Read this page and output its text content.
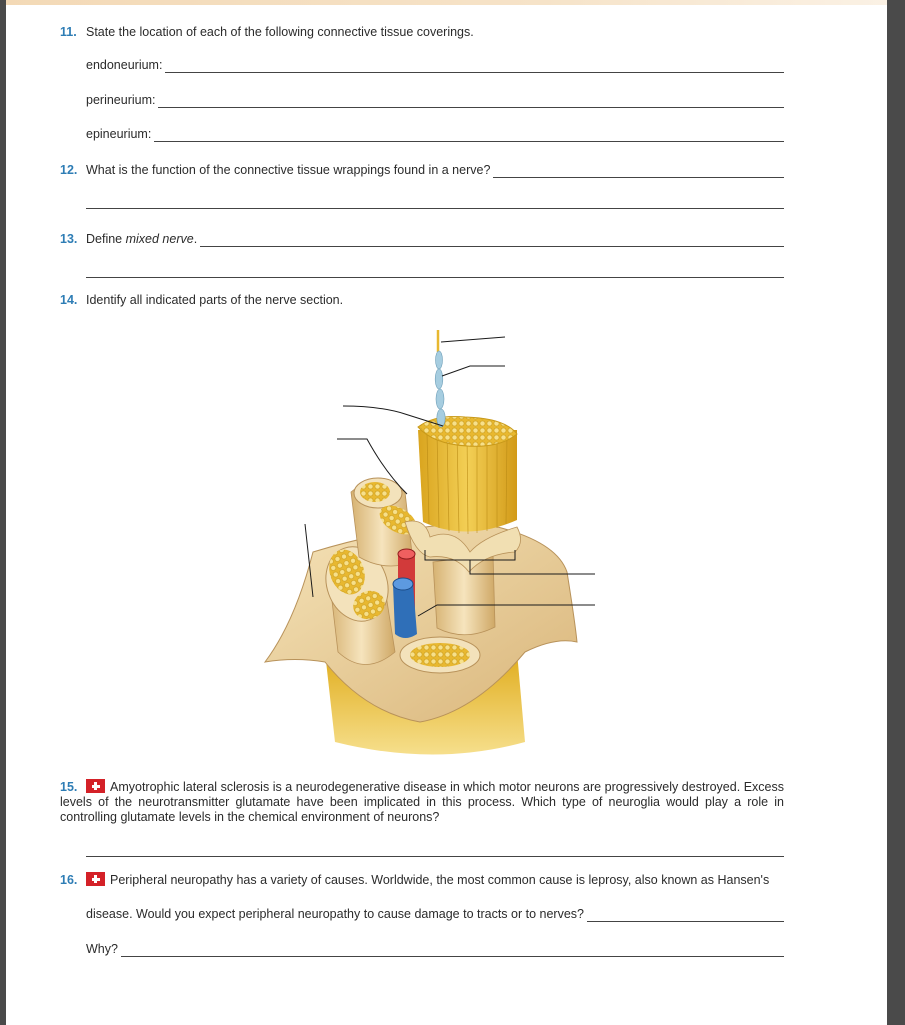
11. State the location of each of the following connective tissue coverings.
endoneurium:
perineurium:
epineurium:
12. What is the function of the connective tissue wrappings found in a nerve?
13. Define mixed nerve.
14. Identify all indicated parts of the nerve section.
15.	Amyotrophic lateral sclerosis is a neurodegenerative disease in which motor neurons are progressively destroyed. Excess levels of the neurotransmitter glutamate have been implicated in this process. Which type of neuroglia would play a role in controlling glutamate levels in the chemical environment of neurons?
16.	Peripheral neuropathy has a variety of causes. Worldwide, the most common cause is leprosy, also known as Hansen's
disease. Would you expect peripheral neuropathy to cause damage to tracts or to nerves?
Why?
